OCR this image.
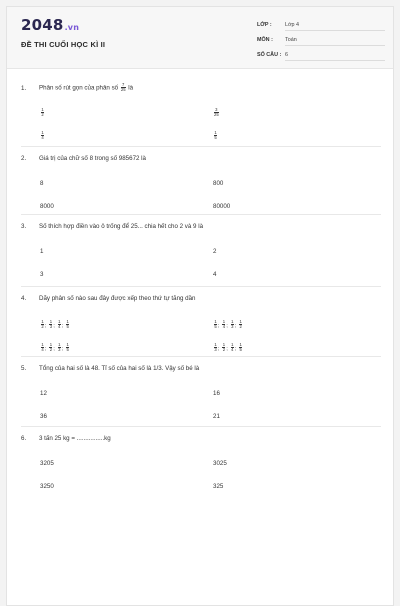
2048.vn
ĐỀ THI CUỐI HỌC KÌ II
LỚP :	Lớp 4
MÔN :	Toán
SỐ CÂU : 6
1. Phân số rút gọn của phân số $\frac{7}{25}$ là
$\frac{1}{2}$	$\frac{3}{25}$
$\frac{1}{4}$	$\frac{1}{5}$
2. Giá trị của chữ số 8 trong số 985672 là
8	800
8000	80000
3. Số thích hợp điền vào ô trống để 25... chia hết cho 2 và 9 là
1	2
3	4
4. Dãy phân số nào sau đây được xếp theo thứ tự tăng dần
$\frac{1}{2}$ ; $\frac{1}{3}$ ; $\frac{1}{4}$ ; $\frac{1}{5}$	$\frac{1}{5}$ ; $\frac{1}{4}$ ; $\frac{1}{3}$ ; $\frac{1}{2}$
$\frac{1}{4}$ ; $\frac{1}{2}$ ; $\frac{1}{3}$ ; $\frac{1}{5}$	$\frac{1}{3}$ ; $\frac{1}{2}$ ; $\frac{1}{4}$ ; $\frac{1}{5}$
5. Tổng của hai số là 48. Tỉ số của hai số là 1/3. Vậy số bé là
12	16
36	21
6. 3 tấn 25 kg = ................kg
3205	3025
3250	325
